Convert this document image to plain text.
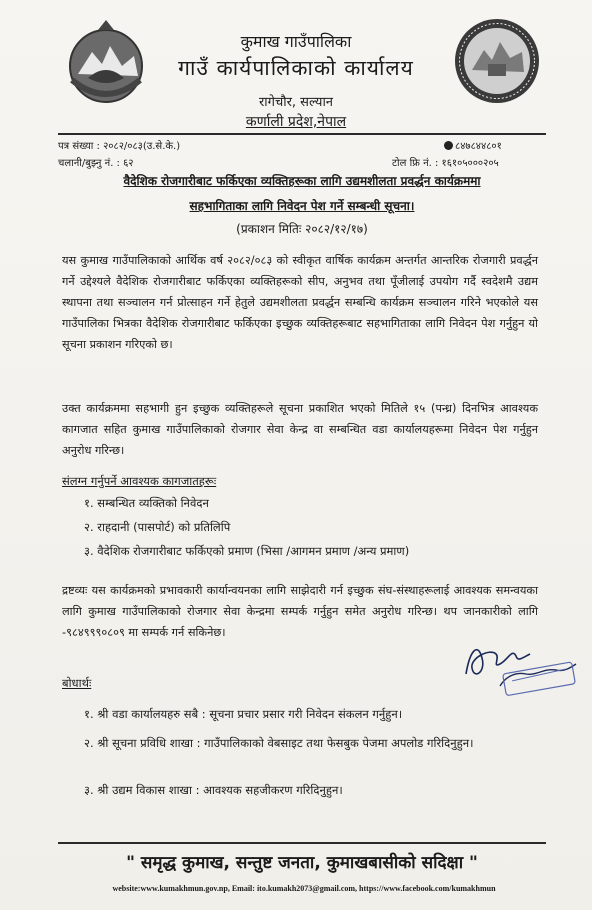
कुमाख गाउँपालिका
गाउँ कार्यपालिकाको कार्यालय
रागेचौर, सल्यान
कर्णाली प्रदेश,नेपाल
पत्र संख्या : २०८२/०८३(उ.से.के.)
चलानी/बुझ्नु नं. : ६२
८४७८४४८०१
टोल फ्रि नं. : १६१०५०००२०५
वैदेशिक रोजगारीबाट फर्किएका व्यक्तिहरूका लागि उद्यमशीलता प्रवर्द्धन कार्यक्रममा
सहभागिताका लागि निवेदन पेश गर्ने सम्बन्धी सूचना।
(प्रकाशन मितिः २०८२/१२/१७)
यस कुमाख गाउँपालिकाको आर्थिक वर्ष २०८२/०८३ को स्वीकृत वार्षिक कार्यक्रम अन्तर्गत आन्तरिक रोजगारी प्रवर्द्धन गर्ने उद्देश्यले वैदेशिक रोजगारीबाट फर्किएका व्यक्तिहरूको सीप, अनुभव तथा पूँजीलाई उपयोग गर्दै स्वदेशमै उद्यम स्थापना तथा सञ्चालन गर्न प्रोत्साहन गर्ने हेतुले उद्यमशीलता प्रवर्द्धन सम्बन्धि कार्यक्रम सञ्चालन गरिने भएकोले यस गाउँपालिका भित्रका वैदेशिक रोजगारीबाट फर्किएका इच्छुक व्यक्तिहरूबाट सहभागिताका लागि निवेदन पेश गर्नुहुन यो सूचना प्रकाशन गरिएको छ।
उक्त कार्यक्रममा सहभागी हुन इच्छुक व्यक्तिहरूले सूचना प्रकाशित भएको मितिले १५ (पन्ध्र) दिनभित्र आवश्यक कागजात सहित कुमाख गाउँपालिकाको रोजगार सेवा केन्द्र वा सम्बन्धित वडा कार्यालयहरूमा निवेदन पेश गर्नुहुन अनुरोध गरिन्छ।
संलग्न गर्नुपर्ने आवश्यक कागजातहरूः
१. सम्बन्धित व्यक्तिको निवेदन
२. राहदानी (पासपोर्ट) को प्रतिलिपि
३. वैदेशिक रोजगारीबाट फर्किएको प्रमाण (भिसा /आगमन प्रमाण /अन्य प्रमाण)
द्रष्टव्यः यस कार्यक्रमको प्रभावकारी कार्यान्वयनका लागि साझेदारी गर्न इच्छुक संघ-संस्थाहरूलाई आवश्यक समन्वयका लागि कुमाख गाउँपालिकाको रोजगार सेवा केन्द्रमा सम्पर्क गर्नुहुन समेत अनुरोध गरिन्छ। थप जानकारीको लागि -९८४९९९०८०९ मा सम्पर्क गर्न सकिनेछ।
बोधार्थः
१. श्री वडा कार्यालयहरु सबै : सूचना प्रचार प्रसार गरी निवेदन संकलन गर्नुहुन।
२. श्री सूचना प्रविधि शाखा : गाउँपालिकाको वेबसाइट तथा फेसबुक पेजमा अपलोड गरिदिनुहुन।
३. श्री उद्यम विकास शाखा : आवश्यक सहजीकरण गरिदिनुहुन।
" समृद्ध कुमाख, सन्तुष्ट जनता, कुमाखबासीको सदिक्षा "
website:www.kumakhmun.gov.np, Email: ito.kumakh2073@gmail.com, https://www.facebook.com/kumakhmun
